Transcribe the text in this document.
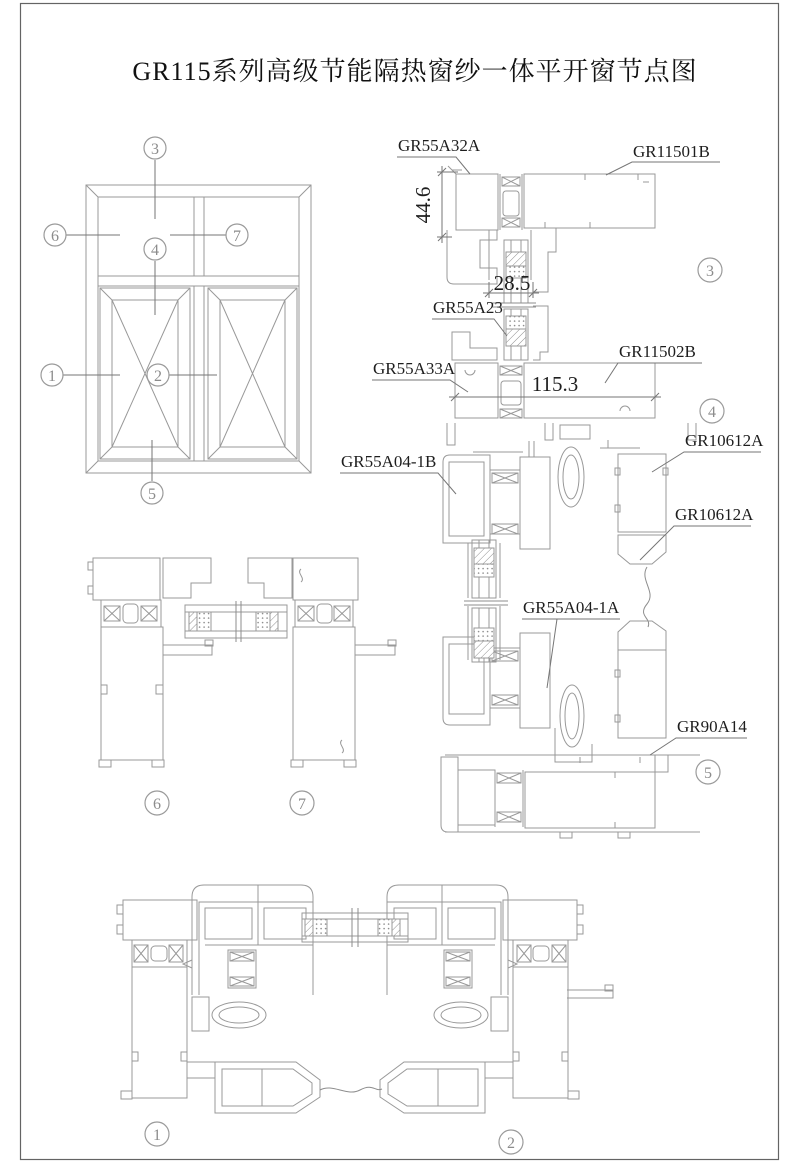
GR115系列高级节能隔热窗纱一体平开窗节点图
3
6	7
4
1	2
5
44.6
28.5
GR55A32A	GR11501B
3
GR55A23
115.3
GR55A33A
GR11502B
4
GR55A04-1B
GR55A04-1A
GR10612A
GR10612A
GR90A14
5
6	7
1	2
